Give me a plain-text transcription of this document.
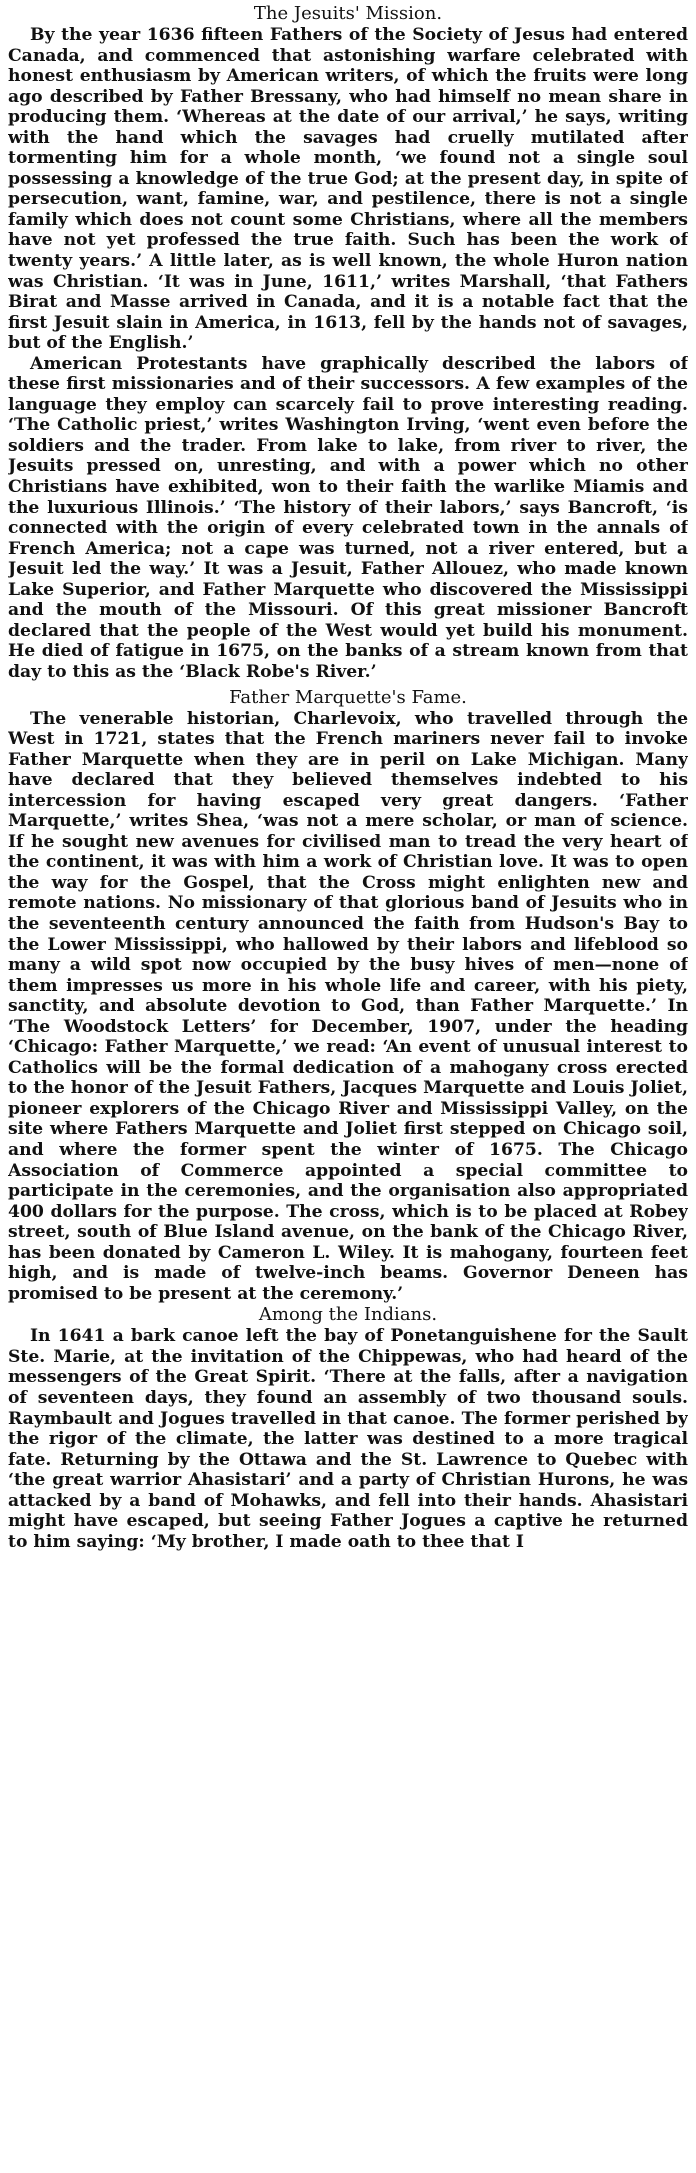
The Jesuits' Mission.

By the year 1636 fifteen Fathers of the Society of Jesus had entered Canada, and commenced that astonishing warfare celebrated with honest enthusiasm by American writers, of which the fruits were long ago described by Father Bressany, who had himself no mean share in producing them. ‘Whereas at the date of our arrival,’ he says, writing with the hand which the savages had cruelly mutilated after tormenting him for a whole month, ‘we found not a single soul possessing a knowledge of the true God; at the present day, in spite of persecution, want, famine, war, and pestilence, there is not a single family which does not count some Christians, where all the members have not yet professed the true faith. Such has been the work of twenty years.’ A little later, as is well known, the whole Huron nation was Christian. ‘It was in June, 1611,’ writes Marshall, ‘that Fathers Birat and Masse arrived in Canada, and it is a notable fact that the first Jesuit slain in America, in 1613, fell by the hands not of savages, but of the English.’

American Protestants have graphically described the labors of these first missionaries and of their successors. A few examples of the language they employ can scarcely fail to prove interesting reading. ‘The Catholic priest,’ writes Washington Irving, ‘went even before the soldiers and the trader. From lake to lake, from river to river, the Jesuits pressed on, unresting, and with a power which no other Christians have exhibited, won to their faith the warlike Miamis and the luxurious Illinois.’ ‘The history of their labors,’ says Bancroft, ‘is connected with the origin of every celebrated town in the annals of French America; not a cape was turned, not a river entered, but a Jesuit led the way.’ It was a Jesuit, Father Allouez, who made known Lake Superior, and Father Marquette who discovered the Mississippi and the mouth of the Missouri. Of this great missioner Bancroft declared that the people of the West would yet build his monument. He died of fatigue in 1675, on the banks of a stream known from that day to this as the ‘Black Robe's River.’

Father Marquette's Fame.

The venerable historian, Charlevoix, who travelled through the West in 1721, states that the French mariners never fail to invoke Father Marquette when they are in peril on Lake Michigan. Many have declared that they believed themselves indebted to his intercession for having escaped very great dangers. ‘Father Marquette,’ writes Shea, ‘was not a mere scholar, or man of science. If he sought new avenues for civilised man to tread the very heart of the continent, it was with him a work of Christian love. It was to open the way for the Gospel, that the Cross might enlighten new and remote nations. No missionary of that glorious band of Jesuits who in the seventeenth century announced the faith from Hudson's Bay to the Lower Mississippi, who hallowed by their labors and lifeblood so many a wild spot now occupied by the busy hives of men—none of them impresses us more in his whole life and career, with his piety, sanctity, and absolute devotion to God, than Father Marquette.’ In ‘The Woodstock Letters’ for December, 1907, under the heading ‘Chicago: Father Marquette,’ we read: ‘An event of unusual interest to Catholics will be the formal dedication of a mahogany cross erected to the honor of the Jesuit Fathers, Jacques Marquette and Louis Joliet, pioneer explorers of the Chicago River and Mississippi Valley, on the site where Fathers Marquette and Joliet first stepped on Chicago soil, and where the former spent the winter of 1675. The Chicago Association of Commerce appointed a special committee to participate in the ceremonies, and the organisation also appropriated 400 dollars for the purpose. The cross, which is to be placed at Robey street, south of Blue Island avenue, on the bank of the Chicago River, has been donated by Cameron L. Wiley. It is mahogany, fourteen feet high, and is made of twelve-inch beams. Governor Deneen has promised to be present at the ceremony.’

Among the Indians.

In 1641 a bark canoe left the bay of Ponetanguishene for the Sault Ste. Marie, at the invitation of the Chippewas, who had heard of the messengers of the Great Spirit. ‘There at the falls, after a navigation of seventeen days, they found an assembly of two thousand souls. Raymbault and Jogues travelled in that canoe. The former perished by the rigor of the climate, the latter was destined to a more tragical fate. Returning by the Ottawa and the St. Lawrence to Quebec with ‘the great warrior Ahasistari’ and a party of Christian Hurons, he was attacked by a band of Mohawks, and fell into their hands. Ahasistari might have escaped, but seeing Father Jogues a captive he returned to him saying: ‘My brother, I made oath to thee that I
